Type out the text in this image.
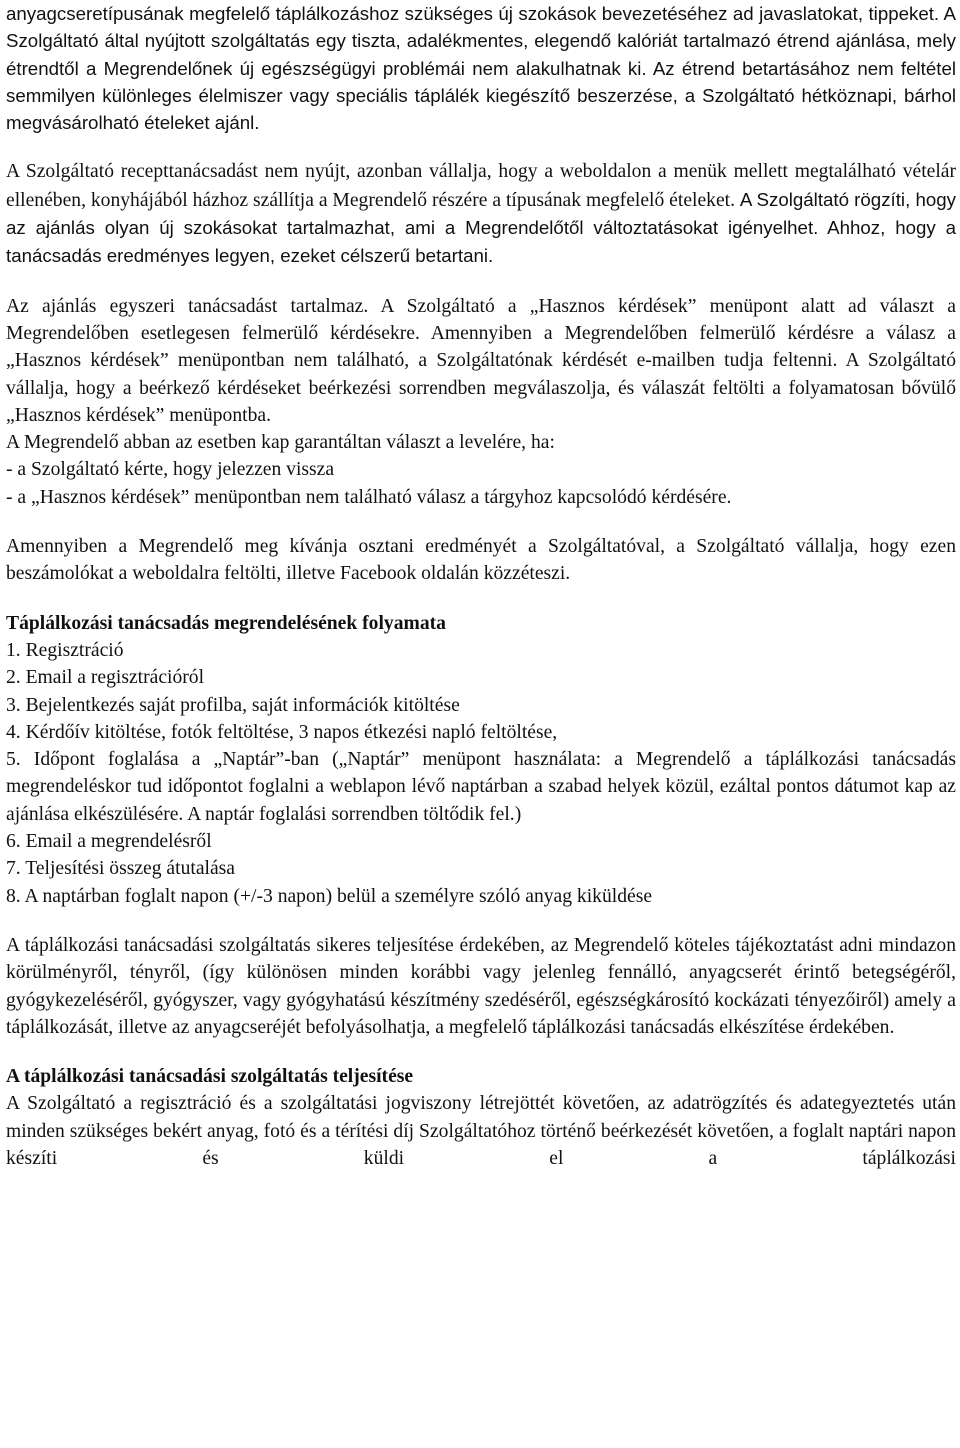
anyagcseretípusának megfelelő táplálkozáshoz szükséges új szokások bevezetéséhez ad javaslatokat, tippeket. A Szolgáltató által nyújtott szolgáltatás egy tiszta, adalékmentes, elegendő kalóriát tartalmazó étrend ajánlása, mely étrendtől a Megrendelőnek új egészségügyi problémái nem alakulhatnak ki. Az étrend betartásához nem feltétel semmilyen különleges élelmiszer vagy speciális táplálék kiegészítő beszerzése, a Szolgáltató hétköznapi, bárhol megvásárolható ételeket ajánl.

A Szolgáltató recepttanácsadást nem nyújt, azonban vállalja, hogy a weboldalon a menük mellett megtalálható vételár ellenében, konyhájából házhoz szállítja a Megrendelő részére a típusának megfelelő ételeket. A Szolgáltató rögzíti, hogy az ajánlás olyan új szokásokat tartalmazhat, ami a Megrendelőtől változtatásokat igényelhet. Ahhoz, hogy a tanácsadás eredményes legyen, ezeket célszerű betartani.

Az ajánlás egyszeri tanácsadást tartalmaz. A Szolgáltató a „Hasznos kérdések” menüpont alatt ad választ a Megrendelőben esetlegesen felmerülő kérdésekre. Amennyiben a Megrendelőben felmerülő kérdésre a válasz a „Hasznos kérdések” menüpontban nem található, a Szolgáltatónak kérdését e-mailben tudja feltenni. A Szolgáltató vállalja, hogy a beérkező kérdéseket beérkezési sorrendben megválaszolja, és válaszát feltölti a folyamatosan bővülő „Hasznos kérdések” menüpontba.

A Megrendelő abban az esetben kap garantáltan választ a levelére, ha:

- a Szolgáltató kérte, hogy jelezzen vissza

- a „Hasznos kérdések” menüpontban nem található válasz a tárgyhoz kapcsolódó kérdésére.

Amennyiben a Megrendelő meg kívánja osztani eredményét a Szolgáltatóval, a Szolgáltató vállalja, hogy ezen beszámolókat a weboldalra feltölti, illetve Facebook oldalán közzéteszi.

Táplálkozási tanácsadás megrendelésének folyamata

1. Regisztráció
2. Email a regisztrációról
3. Bejelentkezés saját profilba, saját információk kitöltése
4. Kérdőív kitöltése, fotók feltöltése, 3 napos étkezési napló feltöltése,
5. Időpont foglalása a „Naptár”-ban („Naptár” menüpont használata: a Megrendelő a táplálkozási tanácsadás megrendeléskor tud időpontot foglalni a weblapon lévő naptárban a szabad helyek közül, ezáltal pontos dátumot kap az ajánlása elkészülésére. A naptár foglalási sorrendben töltődik fel.)
6. Email a megrendelésről
7. Teljesítési összeg átutalása
8. A naptárban foglalt napon (+/-3 napon) belül a személyre szóló anyag kiküldése

A táplálkozási tanácsadási szolgáltatás sikeres teljesítése érdekében, az Megrendelő köteles tájékoztatást adni mindazon körülményről, tényről, (így különösen minden korábbi vagy jelenleg fennálló, anyagcserét érintő betegségéről, gyógykezeléséről, gyógyszer, vagy gyógyhatású készítmény szedéséről, egészségkárosító kockázati tényezőiről) amely a táplálkozását, illetve az anyagcseréjét befolyásolhatja, a megfelelő táplálkozási tanácsadás elkészítése érdekében.

A táplálkozási tanácsadási szolgáltatás teljesítése

A Szolgáltató a regisztráció és a szolgáltatási jogviszony létrejöttét követően, az adatrögzítés és adategyeztetés után minden szükséges bekért anyag, fotó és a térítési díj Szolgáltatóhoz történő beérkezését követően, a foglalt naptári napon készíti és küldi el a táplálkozási
